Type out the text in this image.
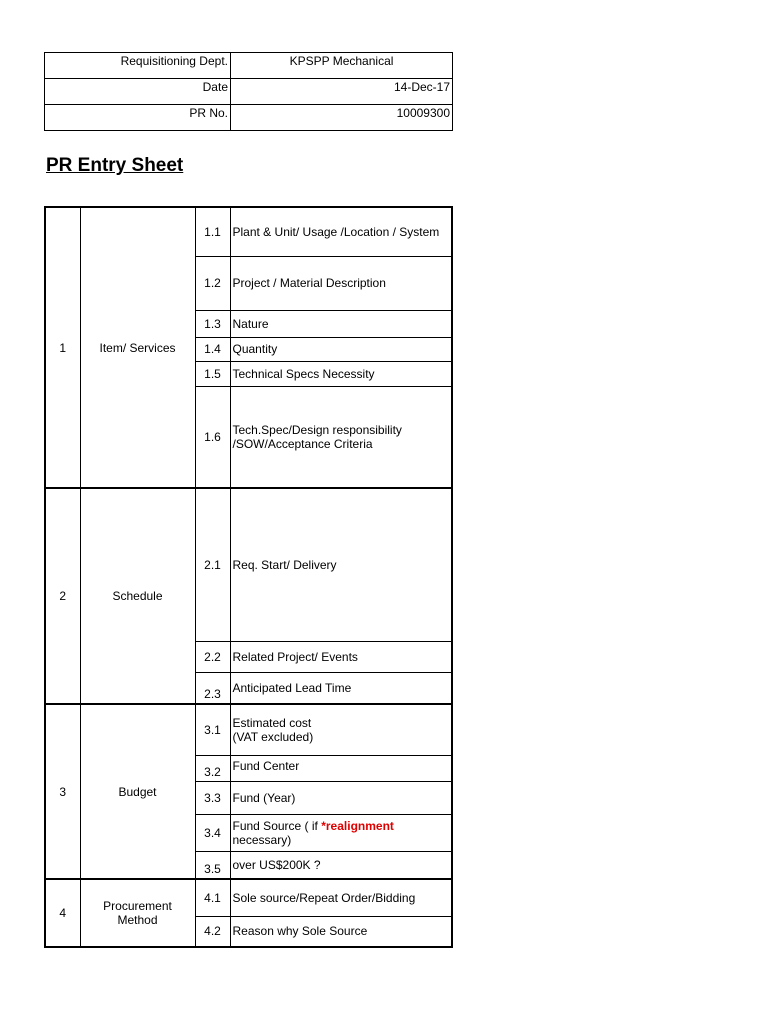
Requisitioning Dept.	KPSPP Mechanical
Date	14-Dec-17
PR No.	10009300
PR Entry Sheet
1	Item/ Services	1.1	Plant & Unit/ Usage /Location / System
		1.2	Project / Material Description
		1.3	Nature
		1.4	Quantity
		1.5	Technical Specs Necessity
		1.6	Tech.Spec/Design responsibility /SOW/Acceptance Criteria
2	Schedule	2.1	Req. Start/ Delivery
		2.2	Related Project/ Events
		2.3	Anticipated Lead Time
3	Budget	3.1	Estimated cost
(VAT excluded)

		3.2	Fund Center
		3.3	Fund (Year)
		3.4	Fund Source ( if *realignment
necessary)

		3.5	over US$200K ?
4	Procurement Method	4.1	Sole source/Repeat Order/Bidding
		4.2	Reason why Sole Source
